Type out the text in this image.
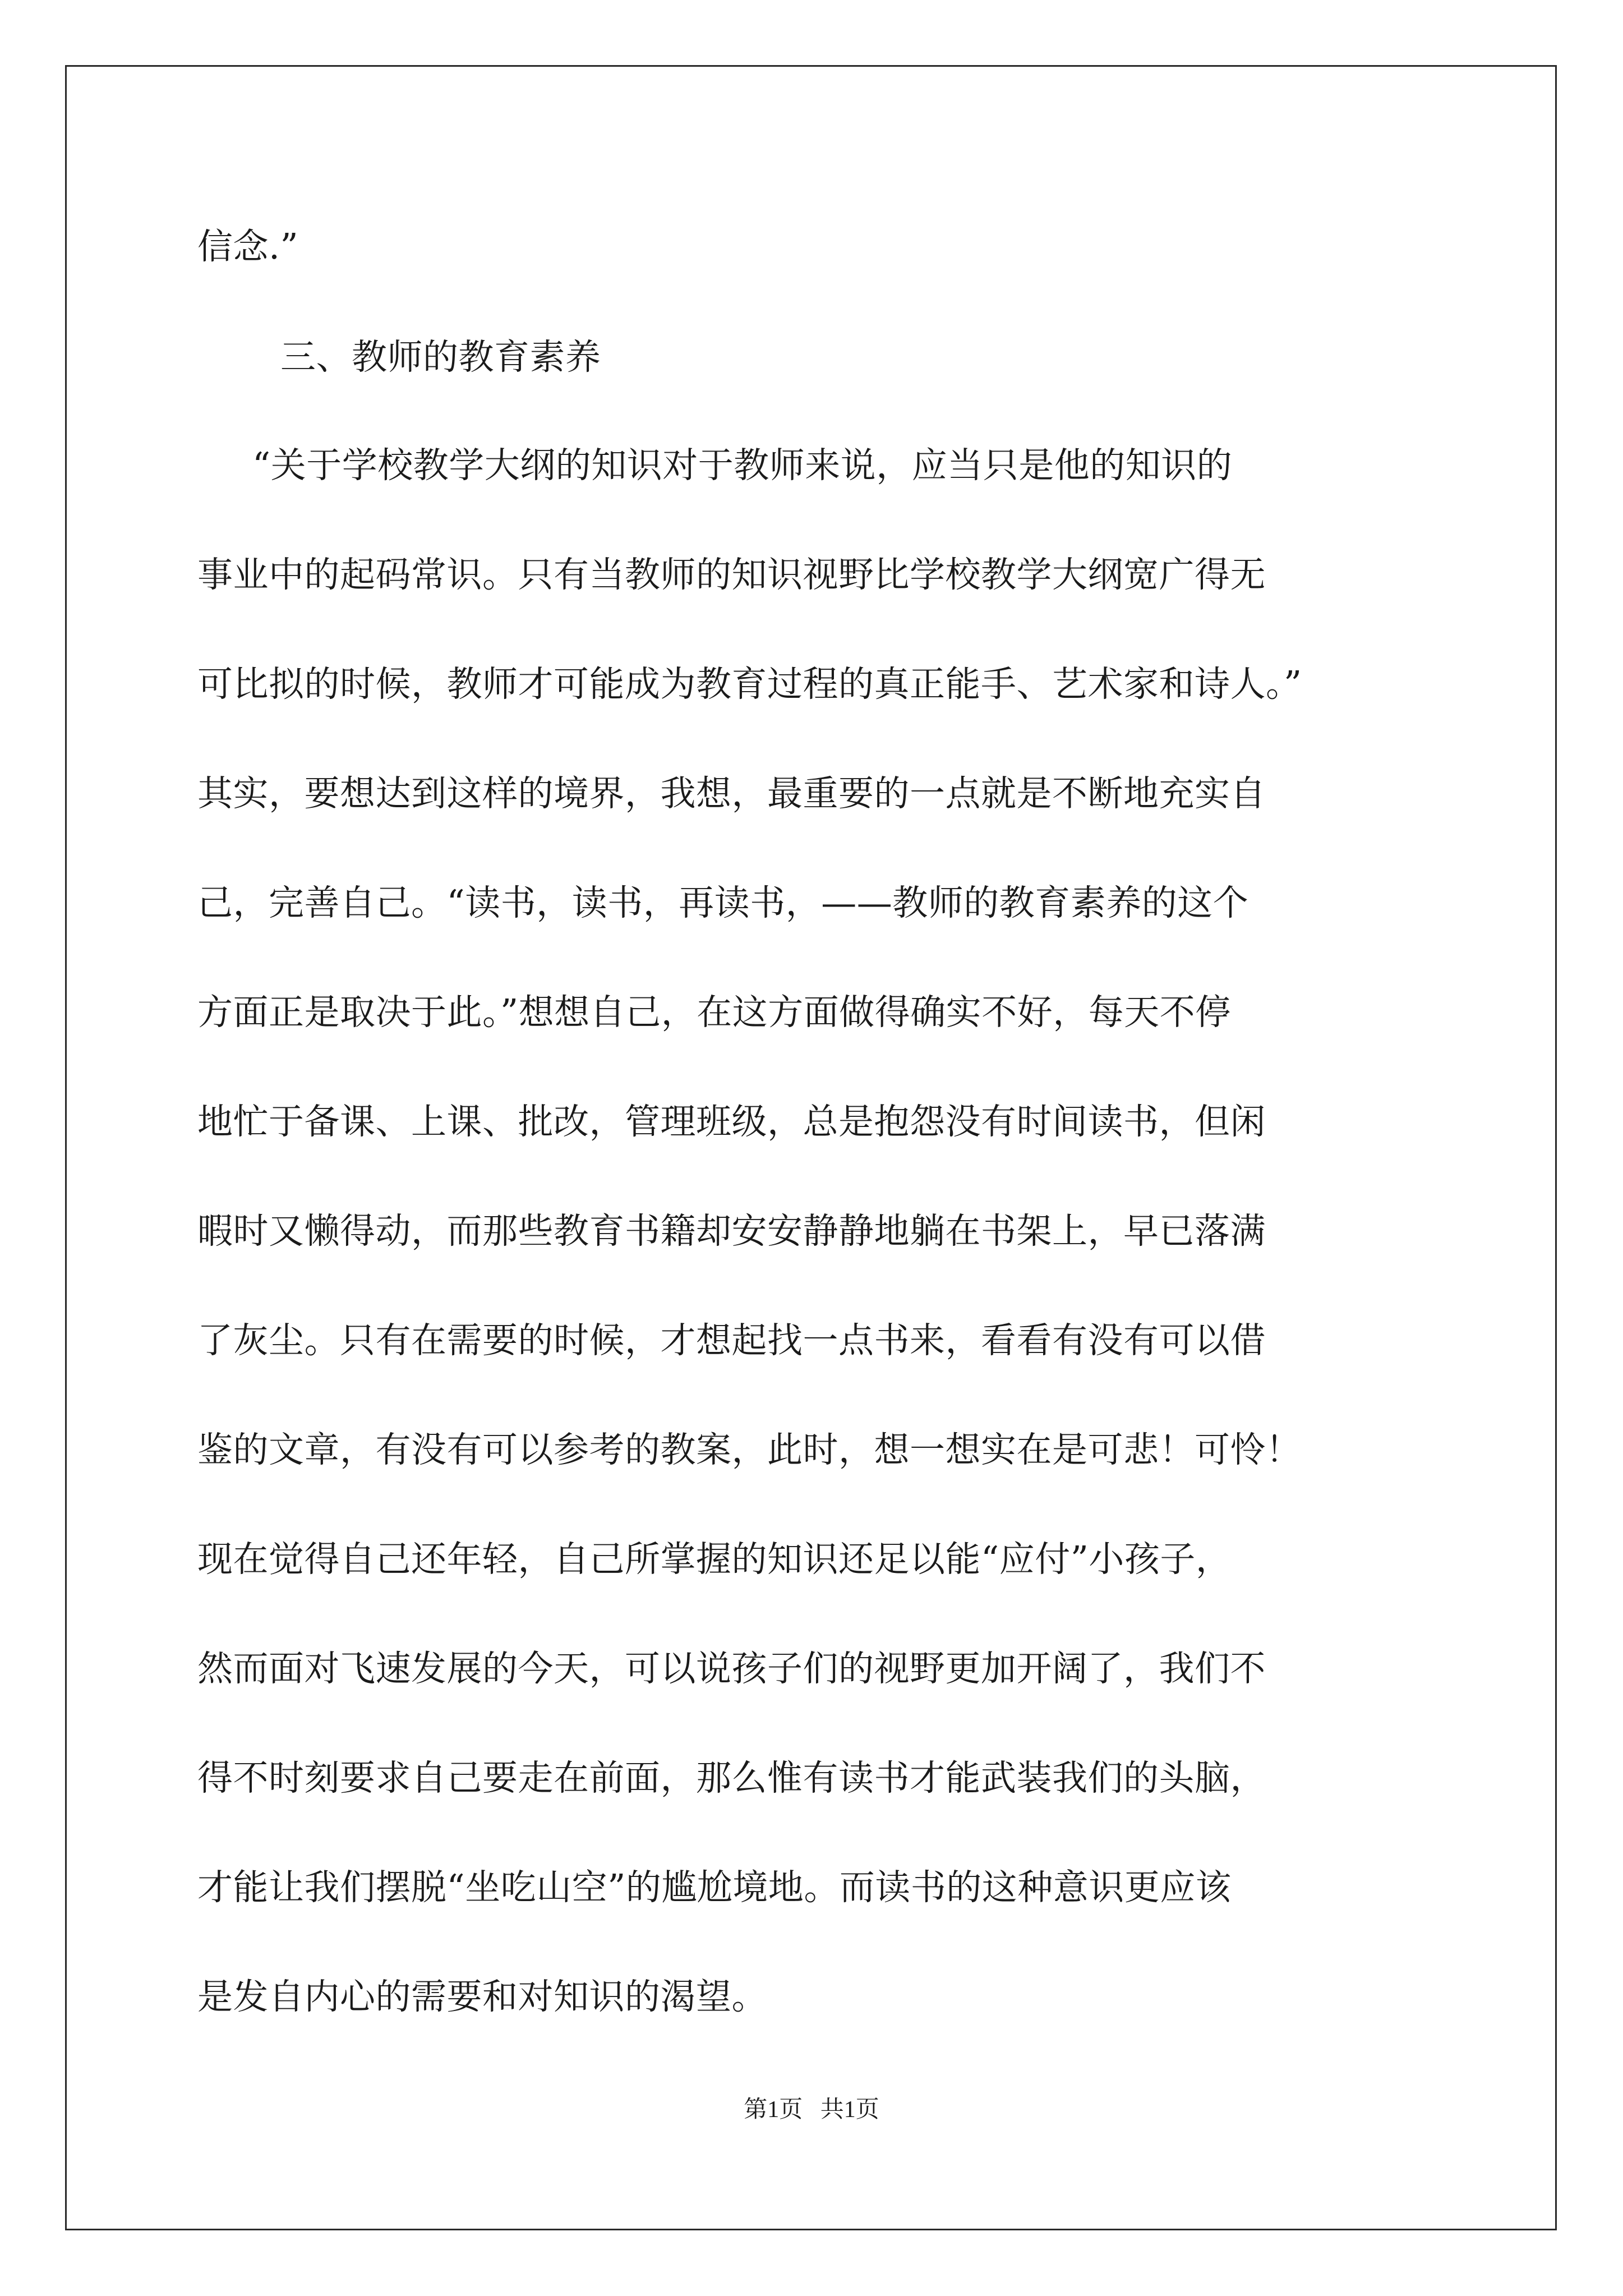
信念.”

三、教师的教育素养

“关于学校教学大纲的知识对于教师来说，应当只是他的知识的

事业中的起码常识。只有当教师的知识视野比学校教学大纲宽广得无

可比拟的时候，教师才可能成为教育过程的真正能手、艺术家和诗人。”

其实，要想达到这样的境界，我想，最重要的一点就是不断地充实自

己，完善自己。“读书，读书，再读书，——教师的教育素养的这个

方面正是取决于此。”想想自己，在这方面做得确实不好，每天不停

地忙于备课、上课、批改，管理班级，总是抱怨没有时间读书，但闲

暇时又懒得动，而那些教育书籍却安安静静地躺在书架上，早已落满

了灰尘。只有在需要的时候，才想起找一点书来，看看有没有可以借

鉴的文章，有没有可以参考的教案，此时，想一想实在是可悲！可怜！

现在觉得自己还年轻，自己所掌握的知识还足以能“应付”小孩子，

然而面对飞速发展的今天，可以说孩子们的视野更加开阔了，我们不

得不时刻要求自己要走在前面，那么惟有读书才能武装我们的头脑，

才能让我们摆脱“坐吃山空”的尴尬境地。而读书的这种意识更应该

是发自内心的需要和对知识的渴望。

第1页   共1页
